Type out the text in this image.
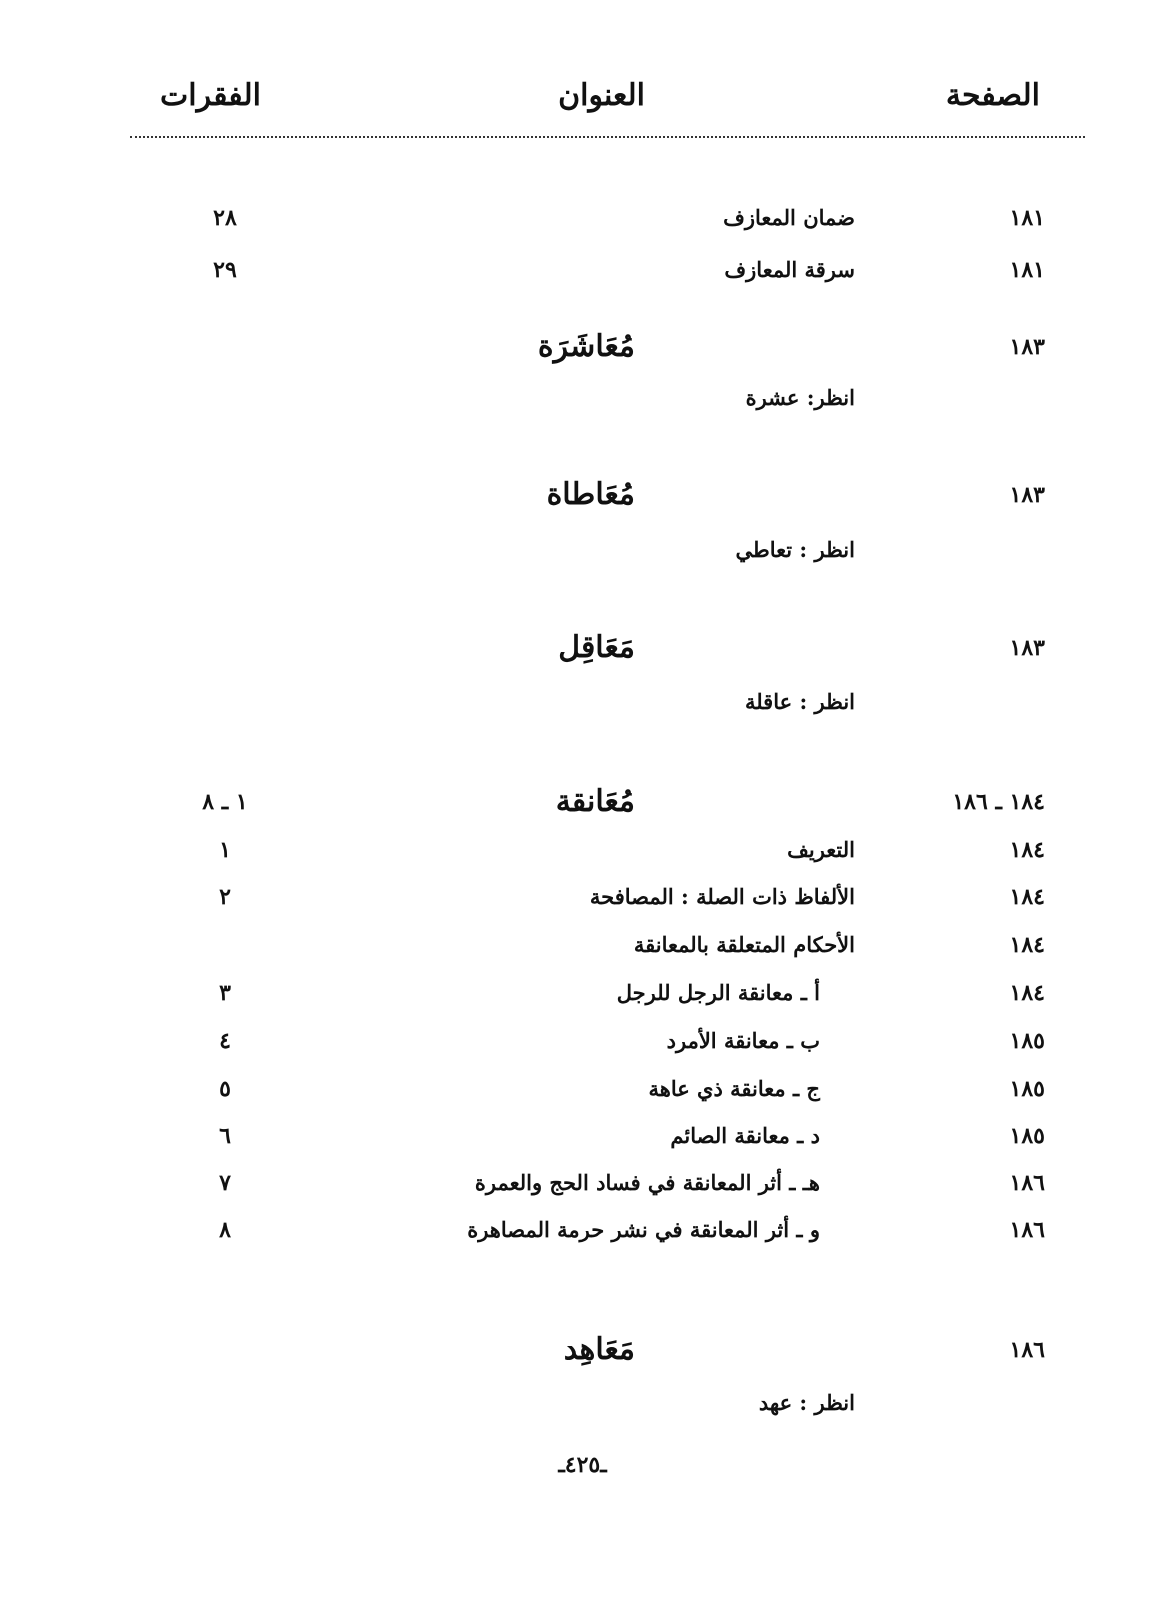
الصفحة
العنوان
الفقرات
١٨١
ضمان المعازف
٢٨
١٨١
سرقة المعازف
٢٩
١٨٣
مُعَاشَرَة
انظر: عشرة
١٨٣
مُعَاطاة
انظر : تعاطي
١٨٣
مَعَاقِل
انظر : عاقلة
١٨٤ ـ ١٨٦
مُعَانقة
١ ـ ٨
١٨٤
التعريف
١
١٨٤
الألفاظ ذات الصلة : المصافحة
٢
١٨٤
الأحكام المتعلقة بالمعانقة
١٨٤
أ ـ معانقة الرجل للرجل
٣
١٨٥
ب ـ معانقة الأمرد
٤
١٨٥
ج ـ معانقة ذي عاهة
٥
١٨٥
د ـ معانقة الصائم
٦
١٨٦
هـ ـ أثر المعانقة في فساد الحج والعمرة
٧
١٨٦
و ـ أثر المعانقة في نشر حرمة المصاهرة
٨
١٨٦
مَعَاهِد
انظر : عهد
ـ٤٢٥ـ
